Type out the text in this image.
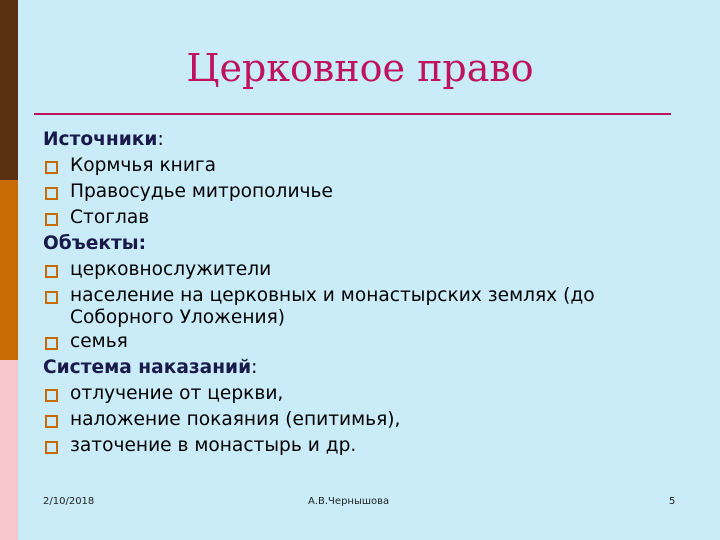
Церковное право
Источники:
Кормчья книга
Правосудье митрополичье
Стоглав
Объекты:
церковнослужители
население на церковных и монастырских землях (до Соборного Уложения)
семья
Система наказаний:
отлучение от церкви,
наложение покаяния (епитимья),
заточение в монастырь и др.
2/10/2018	А.В.Чернышова	5
